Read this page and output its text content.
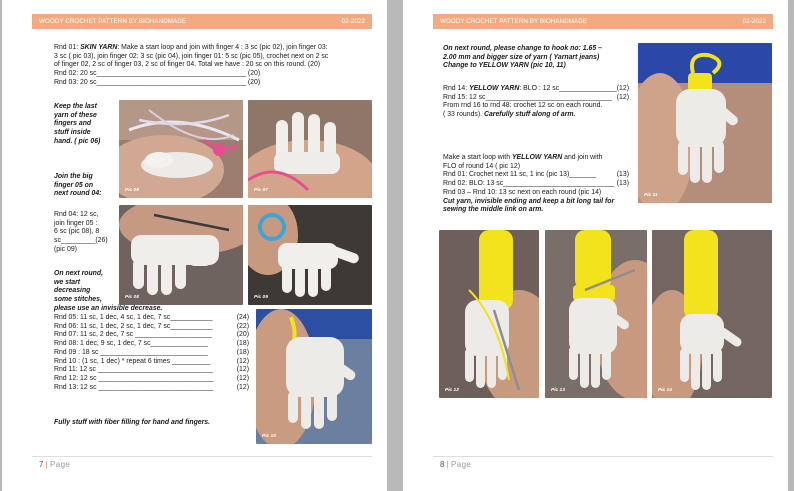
WOODY CROCHET PATTERN BY BIOHANDMADE	02-2022

Rnd 01: SKIN YARN: Make a start loop and join with finger 4 : 3 sc (pic 02), join finger 03:

3 sc ( pic 03), join finger 02: 3 sc (pic 04), join finger 01: 5 sc (pic 05), crochet next on 2 sc

of finger 02, 2 sc of finger 03, 2 sc of finger 04. Total we have : 20 sc on this round. (20)

Rnd 02: 20 sc_______________________________________ (20)

Rnd 03: 20 sc_______________________________________ (20)

Keep the last

yarn of these

fingers and

stuff inside

hand. ( pic 06)

Join the big

finger 05 on

next round 04:

Rnd 04: 12 sc,

join finger 05 :

6 sc (pic 08), 8

sc_________(26)

(pic 09)

On next round,

we start

decreasing

some stitches,

please use an invisible decrease.

Rnd 05: 11 sc, 1 dec, 4 sc, 1 dec, 7 sc___________	(24)

Rnd 06: 11 sc, 1 dec, 2 sc, 1 dec, 7 sc___________	(22)

Rnd 07: 11 sc, 2 dec, 7 sc ____________________	(20)

Rnd 08: 1 dec, 9 sc, 1 dec, 7 sc_______________	(18)

Rnd 09 : 18 sc ____________________________	(18)

Rnd 10 : (1 sc, 1 dec) * repeat 6 times __________	(12)

Rnd 11: 12 sc ______________________________	(12)

Rnd 12: 12 sc ______________________________	(12)

Rnd 13: 12 sc ______________________________	(12)

Fully stuff with fiber filling for hand and fingers.

Pic 06	Pic 07
Pic 08	Pic 09
Pic 10
7 | Page
WOODY CROCHET PATTERN BY BIOHANDMADE	02-2022

On next round, please change to hook no: 1.65 –

2.00 mm and bigger size of yarn ( Yarnart jeans)

Change to YELLOW YARN (pic 10, 11)

Rnd 14: YELLOW YARN: BLO : 12 sc_______________ (12)

Rnd 15: 12 sc_________________________________ (12)

From rnd 16 to rnd 48: crochet 12 sc on each round.

( 33 rounds). Carefully stuff along of arm.

Make a start loop with YELLOW YARN and join with

FLO of round 14 ( pic 12)

Rnd 01: Crochet next 11 sc, 1 inc (pic 13)_______	(13)

Rnd 02: BLO: 13 sc_____________________________ (13)

Rnd 03 – Rnd 10: 13 sc next on each round (pic 14)

Cut yarn, invisible ending and keep a bit long tail for

sewing the middle link on arm.

Pic 11
Pic 12	Pic 13	Pic 14
8 | Page
